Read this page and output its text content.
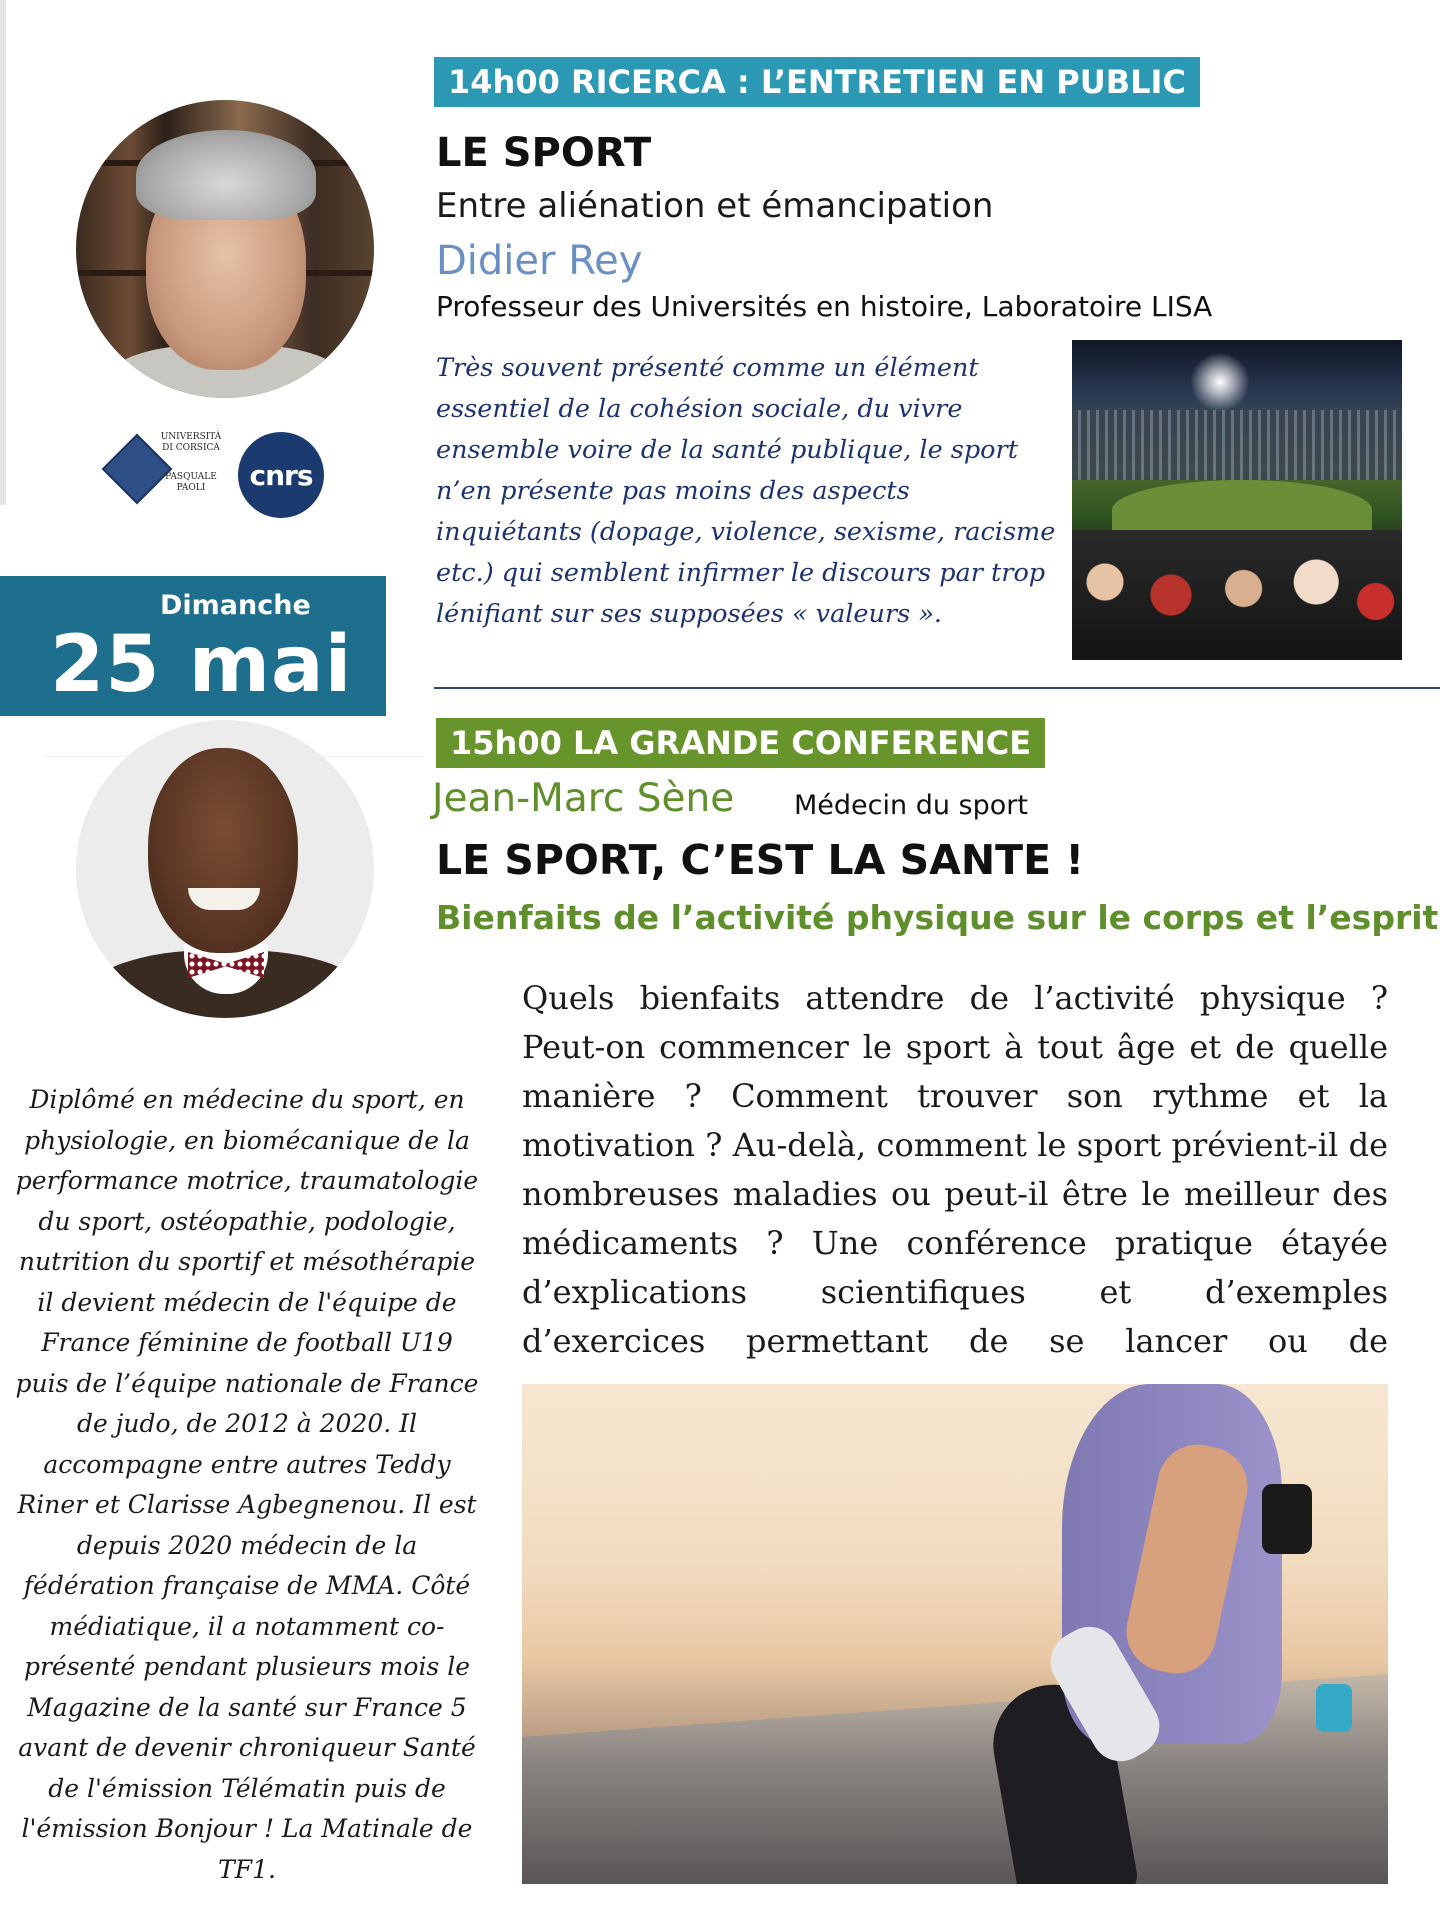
UNIVERSITÀ
DI CORSICA
PASQUALE
PAOLI	cnrs
Dimanche
25 mai
14h00 RICERCA : L’ENTRETIEN EN PUBLIC
LE SPORT
Entre aliénation et émancipation
Didier Rey
Professeur des Universités en histoire, Laboratoire LISA
Très souvent présenté comme un élément essentiel de la cohésion sociale, du vivre ensemble voire de la santé publique, le sport n’en présente pas moins des aspects inquiétants (dopage, violence, sexisme, racisme etc.) qui semblent infirmer le discours par trop lénifiant sur ses supposées « valeurs ».
15h00 LA GRANDE CONFERENCE
Jean-Marc Sène Médecin du sport
LE SPORT, C’EST LA SANTE !
Bienfaits de l’activité physique sur le corps et l’esprit
Quels bienfaits attendre de l’activité physique ? Peut-on commencer le sport à tout âge et de quelle manière ? Comment trouver son rythme et la motivation ? Au-delà, comment le sport prévient-il de nombreuses maladies ou peut-il être le meilleur des médicaments ? Une conférence pratique étayée d’explications scientifiques et d’exemples d’exercices permettant de se lancer ou de
Diplômé en médecine du sport, en physiologie, en biomécanique de la performance motrice, traumatologie du sport, ostéopathie, podologie, nutrition du sportif et mésothérapie il devient médecin de l'équipe de France féminine de football U19 puis de l’équipe nationale de France de judo, de 2012 à 2020. Il accompagne entre autres Teddy Riner et Clarisse Agbegnenou. Il est depuis 2020 médecin de la fédération française de MMA. Côté médiatique, il a notamment co-présenté pendant plusieurs mois le Magazine de la santé sur France 5 avant de devenir chroniqueur Santé de l'émission Télématin puis de l'émission Bonjour ! La Matinale de TF1.
